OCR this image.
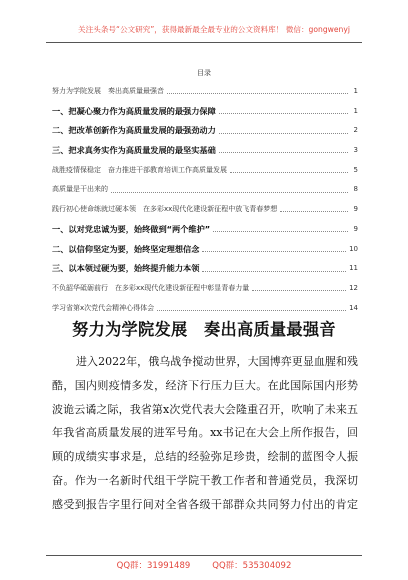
关注头条号“公文研究”，获得最新最全最专业的公文资料库！ 微信：gongwenyj
目录
努力为学院发展　奏出高质量最强音	1
一、把凝心聚力作为高质量发展的最强力保障	1
二、把改革创新作为高质量发展的最强劲动力	2
三、把求真务实作为高质量发展的最坚实基础	3
战胜疫情保稳定　奋力推进干部教育培训工作高质量发展	5
高质量是干出来的	8
践行初心使命练就过硬本领　在多彩xx现代化建设新征程中放飞青春梦想	9
一、以对党忠诚为要，始终做到“两个维护”	9
二、以信仰坚定为要，始终坚定理想信念	10
三、以本领过硬为要，始终提升能力本领	11
不负韶华砥砺前行　在多彩xx现代化建设新征程中彰显青春力量	12
学习省第x次党代会精神心得体会	14
努力为学院发展　奏出高质量最强音
进入2022年，俄乌战争搅动世界，大国博弈更显血腥和残
酷，国内则疫情多发，经济下行压力巨大。在此国际国内形势
波诡云谲之际，我省第x次党代表大会隆重召开，吹响了未来五
年我省高质量发展的进军号角。xx书记在大会上所作报告，回
顾的成绩实事求是，总结的经验弥足珍贵，绘制的蓝图令人振
奋。作为一名新时代组干学院干教工作者和普通党员，我深切
感受到报告字里行间对全省各级干部群众共同努力付出的肯定
QQ群：31991489	QQ群：535304092
